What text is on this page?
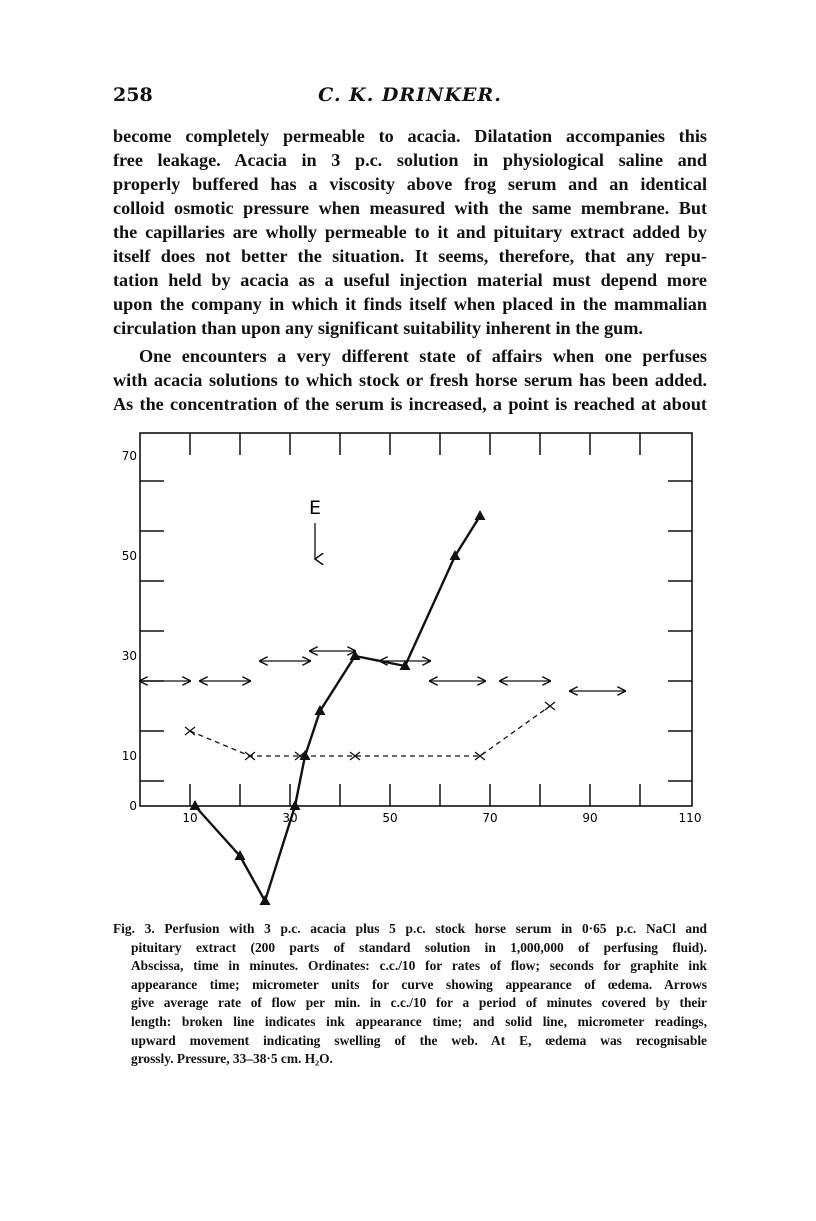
258	C. K. DRINKER.
become completely permeable to acacia. Dilatation accompanies this
free leakage. Acacia in 3 p.c. solution in physiological saline and
properly buffered has a viscosity above frog serum and an identical
colloid osmotic pressure when measured with the same membrane. But
the capillaries are wholly permeable to it and pituitary extract added by
itself does not better the situation. It seems, therefore, that any repu-
tation held by acacia as a useful injection material must depend more
upon the company in which it finds itself when placed in the mammalian
circulation than upon any significant suitability inherent in the gum.
One encounters a very different state of affairs when one perfuses
with acacia solutions to which stock or fresh horse serum has been added.
As the concentration of the serum is increased, a point is reached at about
0
10
30
50
70
10	30	50	70	90	110
E
Fig. 3. Perfusion with 3 p.c. acacia plus 5 p.c. stock horse serum in 0·65 p.c. NaCl and
pituitary extract (200 parts of standard solution in 1,000,000 of perfusing fluid).
Abscissa, time in minutes. Ordinates: c.c./10 for rates of flow; seconds for graphite ink
appearance time; micrometer units for curve showing appearance of œdema. Arrows
give average rate of flow per min. in c.c./10 for a period of minutes covered by their
length: broken line indicates ink appearance time; and solid line, micrometer readings,
upward movement indicating swelling of the web. At E, œdema was recognisable
grossly. Pressure, 33–38·5 cm. H₂O.
